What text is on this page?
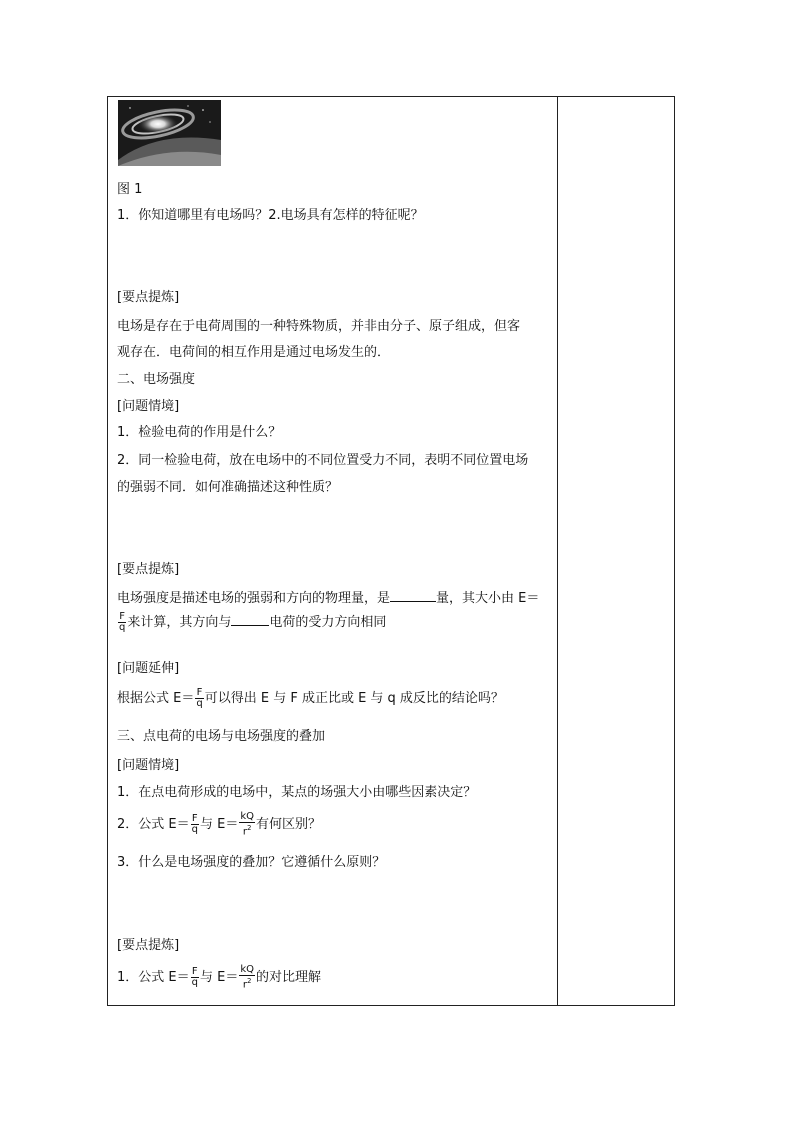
图 1
1．你知道哪里有电场吗？2.电场具有怎样的特征呢？
[要点提炼]
电场是存在于电荷周围的一种特殊物质，并非由分子、原子组成，但客
观存在．电荷间的相互作用是通过电场发生的．
二、电场强度
[问题情境]
1．检验电荷的作用是什么？
2．同一检验电荷，放在电场中的不同位置受力不同，表明不同位置电场
的强弱不同．如何准确描述这种性质？
[要点提炼]
电场强度是描述电场的强弱和方向的物理量，是	量，其大小由 E＝
$\frac{F}{q}$ 来计算，其方向与	电荷的受力方向相同
[问题延伸]
根据公式 $E= \frac{F}{q}$ 可以得出 E 与 F 成正比或 E 与 q 成反比的结论吗？
三、点电荷的电场与电场强度的叠加
[问题情境]
1．在点电荷形成的电场中，某点的场强大小由哪些因素决定？
2．公式 $E= \frac{F}{q}$ 与 $E= \frac{kQ}{r^2}$ 有何区别？
3．什么是电场强度的叠加？它遵循什么原则？
[要点提炼]
1．公式 $E= \frac{F}{q}$ 与 $E= \frac{kQ}{r^2}$ 的对比理解
